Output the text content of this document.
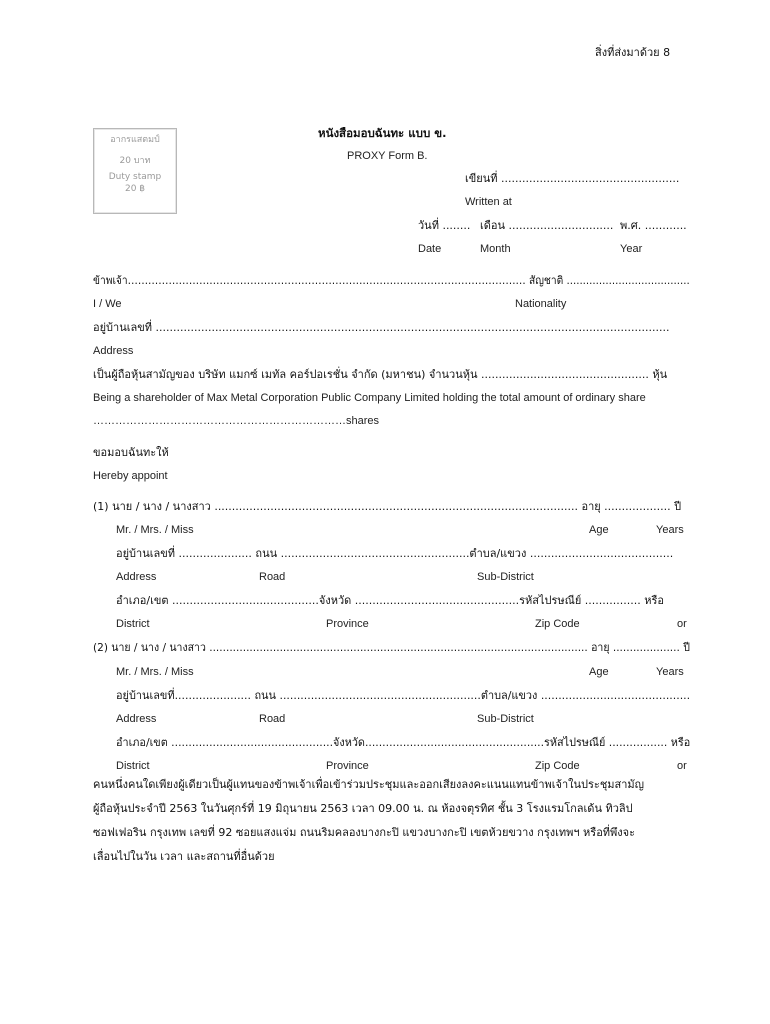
สิ่งที่ส่งมาด้วย 8
อากรแสตมป์
20 บาท
Duty stamp
20 ฿
หนังสือมอบฉันทะ แบบ ข.
PROXY Form B.
เขียนที่ ...................................................
Written at
วันที่ ........ เดือน .............................. พ.ศ. ............
Date	Month	Year
ข้าพเจ้า……………………………………………………………………………………………………… สัญชาติ ......................................
I / We	Nationality
อยู่บ้านเลขที่ ...................................................................................................................................................
Address
เป็นผู้ถือหุ้นสามัญของ บริษัท แมกซ์ เมทัล คอร์ปอเรชั่น จำกัด (มหาชน) จำนวนหุ้น ................................................ หุ้น
Being a shareholder of Max Metal Corporation Public Company Limited holding the total amount of ordinary share
……………………………………………………………shares
ขอมอบฉันทะให้
Hereby appoint
(1) นาย / นาง / นางสาว ........................................................................................................ อายุ ................... ปี
Mr. / Mrs. / Miss	Age	Years
อยู่บ้านเลขที่ ..................... ถนน ......................................................ตำบล/แขวง .........................................
Address	Road	Sub-District
อำเภอ/เขต ..........................................จังหวัด ...............................................รหัสไปรษณีย์ ................ หรือ
District	Province	Zip Code	or
(2) นาย / นาง / นางสาว ................................................................................................................. อายุ .................... ปี
Mr. / Mrs. / Miss	Age	Years
อยู่บ้านเลขที่...................... ถนน ..........................................................ตำบล/แขวง ...........................................
Address	Road	Sub-District
อำเภอ/เขต ...............................................จังหวัด....................................................รหัสไปรษณีย์ ................. หรือ
District	Province	Zip Code	or
คนหนึ่งคนใดเพียงผู้เดียวเป็นผู้แทนของข้าพเจ้าเพื่อเข้าร่วมประชุมและออกเสียงลงคะแนนแทนข้าพเจ้าในประชุมสามัญ
ผู้ถือหุ้นประจำปี 2563 ในวันศุกร์ที่ 19 มิถุนายน 2563 เวลา 09.00 น. ณ ห้องจตุรทิศ ชั้น 3 โรงแรมโกลเด้น ทิวลิป
ซอฟเฟอริน กรุงเทพ เลขที่ 92 ซอยแสงแจ่ม ถนนริมคลองบางกะปิ แขวงบางกะปิ เขตห้วยขวาง กรุงเทพฯ หรือที่พึงจะ
เลื่อนไปในวัน เวลา และสถานที่อื่นด้วย
